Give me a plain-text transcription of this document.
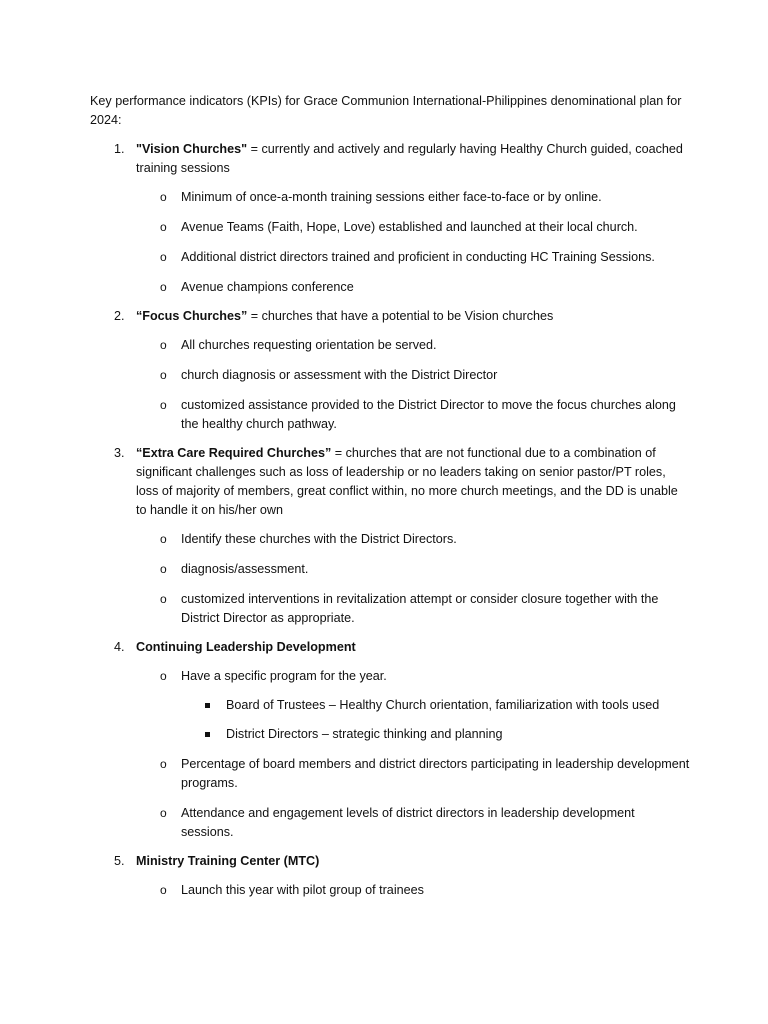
Key performance indicators (KPIs) for Grace Communion International-Philippines denominational plan for 2024:

1. "Vision Churches" = currently and actively and regularly having Healthy Church guided, coached training sessions
o Minimum of once-a-month training sessions either face-to-face or by online.
o Avenue Teams (Faith, Hope, Love) established and launched at their local church.
o Additional district directors trained and proficient in conducting HC Training Sessions.
o Avenue champions conference
2. “Focus Churches” = churches that have a potential to be Vision churches
o All churches requesting orientation be served.
o church diagnosis or assessment with the District Director
o customized assistance provided to the District Director to move the focus churches along the healthy church pathway.
3. “Extra Care Required Churches” = churches that are not functional due to a combination of significant challenges such as loss of leadership or no leaders taking on senior pastor/PT roles, loss of majority of members, great conflict within, no more church meetings, and the DD is unable to handle it on his/her own
o Identify these churches with the District Directors.
o diagnosis/assessment.
o customized interventions in revitalization attempt or consider closure together with the District Director as appropriate.
4. Continuing Leadership Development
o Have a specific program for the year.
Board of Trustees – Healthy Church orientation, familiarization with tools used
District Directors – strategic thinking and planning
o Percentage of board members and district directors participating in leadership development programs.
o Attendance and engagement levels of district directors in leadership development sessions.
5. Ministry Training Center (MTC)
o Launch this year with pilot group of trainees
